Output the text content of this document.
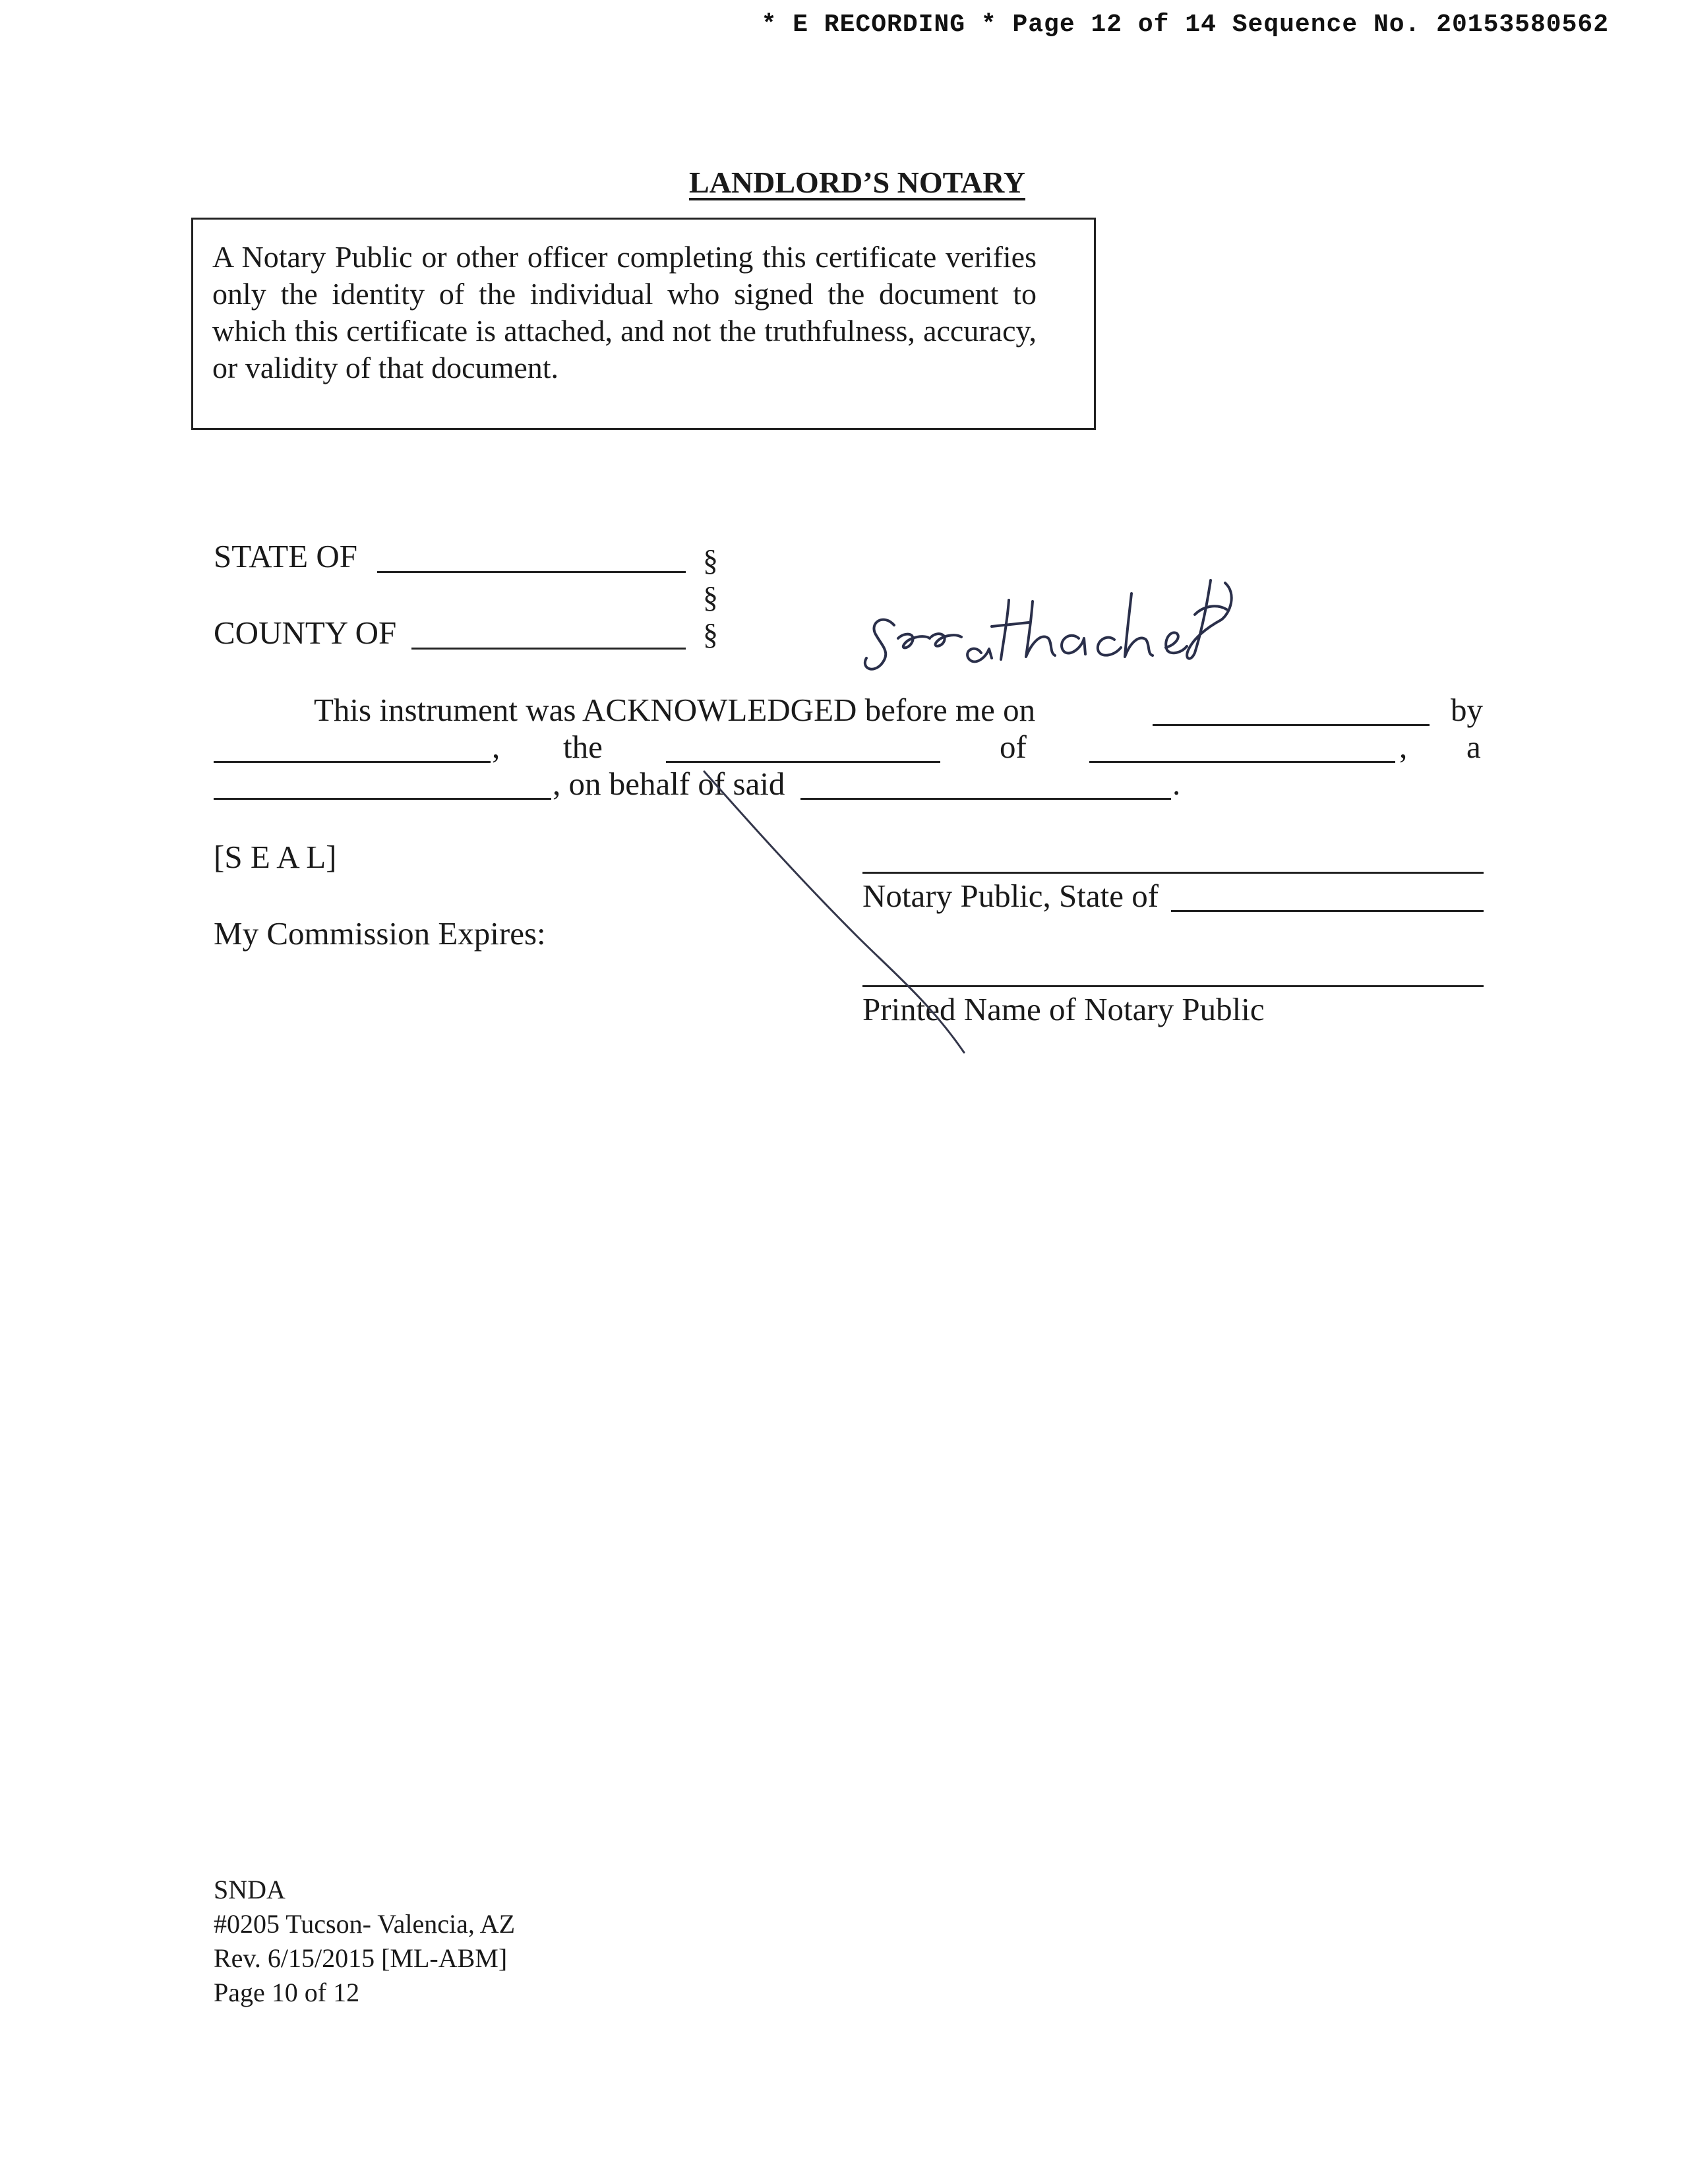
* E RECORDING * Page 12 of 14 Sequence No. 20153580562
LANDLORD’S NOTARY
A Notary Public or other officer completing this certificate verifies only the identity of the individual who signed the document to which this certificate is attached, and not the truthfulness, accuracy, or validity of that document.
STATE OF
COUNTY OF
§
§
§
This instrument was ACKNOWLEDGED before me on	by
, the	of	, a
, on behalf of said	.
[S E A L]
Notary Public, State of
My Commission Expires:
Printed Name of Notary Public
SNDA
#0205 Tucson- Valencia, AZ
Rev. 6/15/2015 [ML-ABM]
Page 10 of 12
